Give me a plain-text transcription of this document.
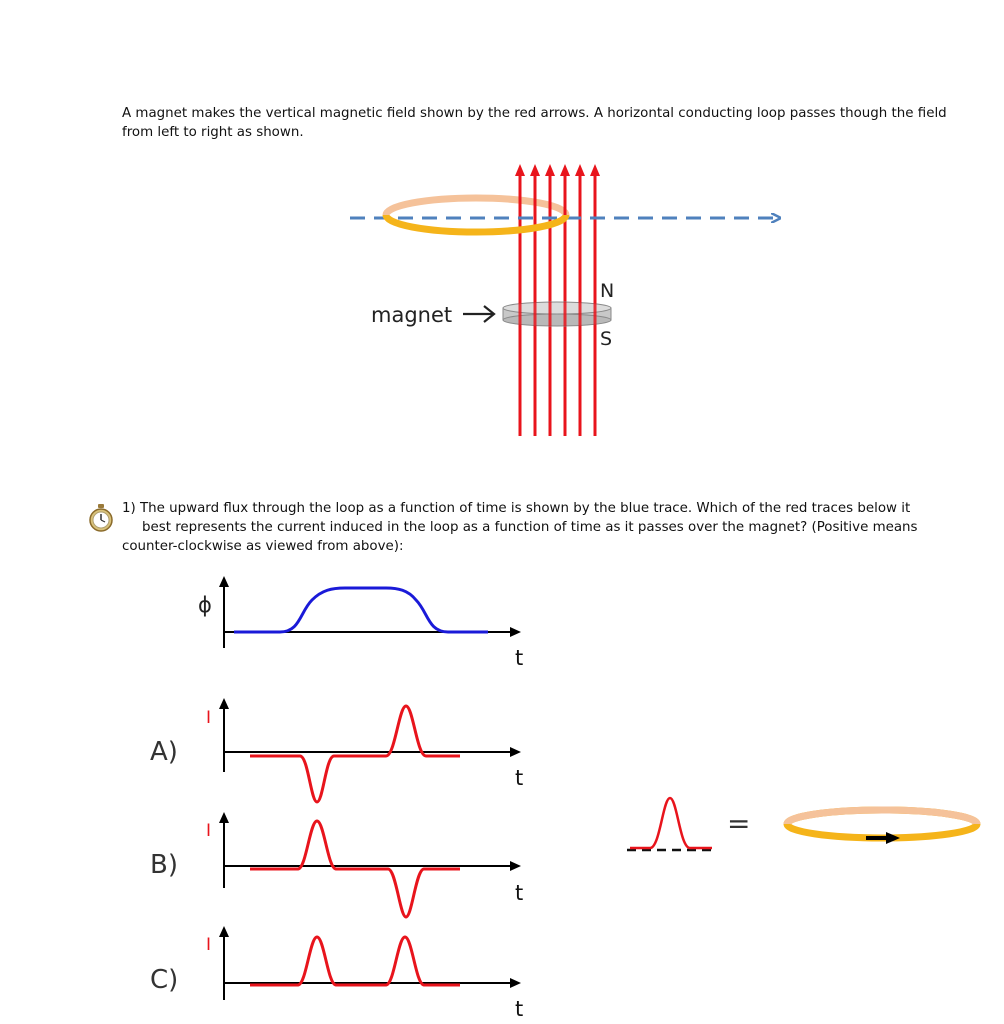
A magnet makes the vertical magnetic field shown by the red arrows. A horizontal conducting loop passes though the field from left to right as shown.
magnet
N
S
ϕ
t
A)
I
t
B)
I
t
C)
I
t
=
1) The upward flux through the loop as a function of time is shown by the blue trace. Which of the red traces below it
best represents the current induced in the loop as a function of time as it passes over the magnet? (Positive means
counter-clockwise as viewed from above):
